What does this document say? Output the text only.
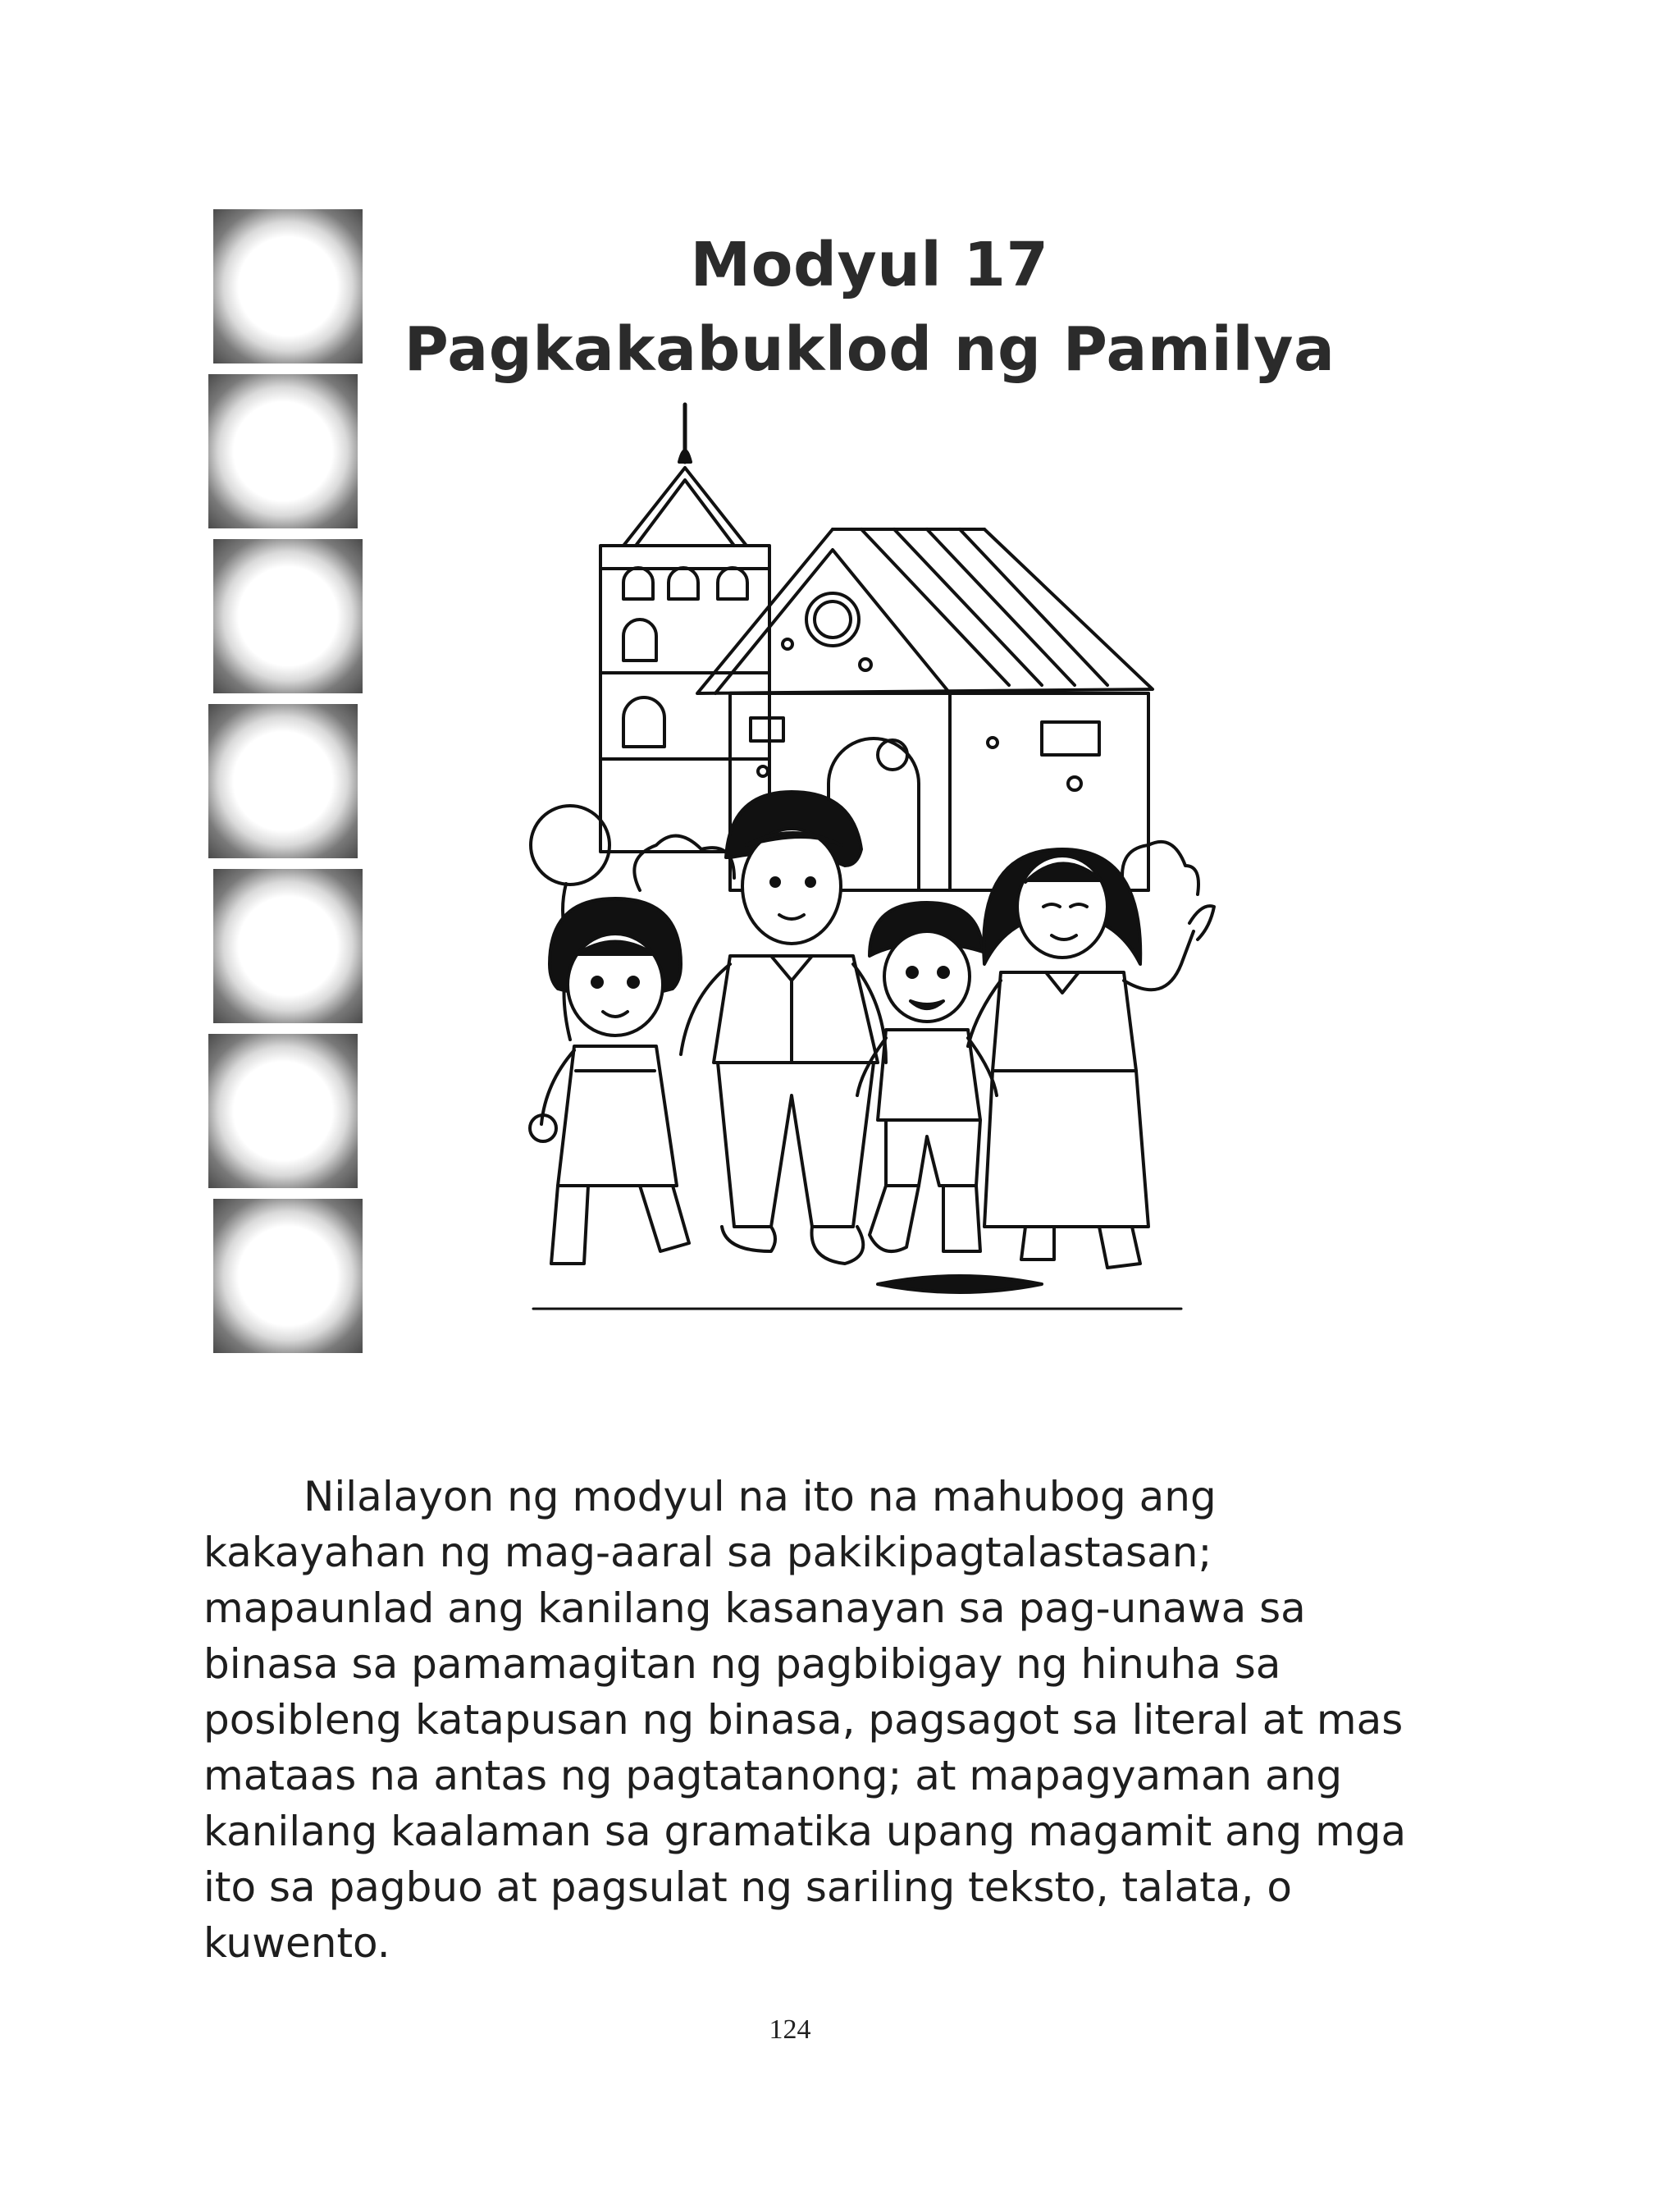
Modyul 17
Pagkakabuklod ng Pamilya

Nilalayon ng modyul na ito na mahubog ang kakayahan ng mag-aaral sa pakikipagtalastasan; mapaunlad ang kanilang kasanayan sa pag-unawa sa binasa sa pamamagitan ng pagbibigay ng hinuha sa posibleng katapusan ng binasa, pagsagot sa literal at mas mataas na antas ng pagtatanong; at mapagyaman ang kanilang kaalaman sa gramatika upang magamit ang mga ito sa pagbuo at pagsulat ng sariling teksto, talata, o kuwento.

124
